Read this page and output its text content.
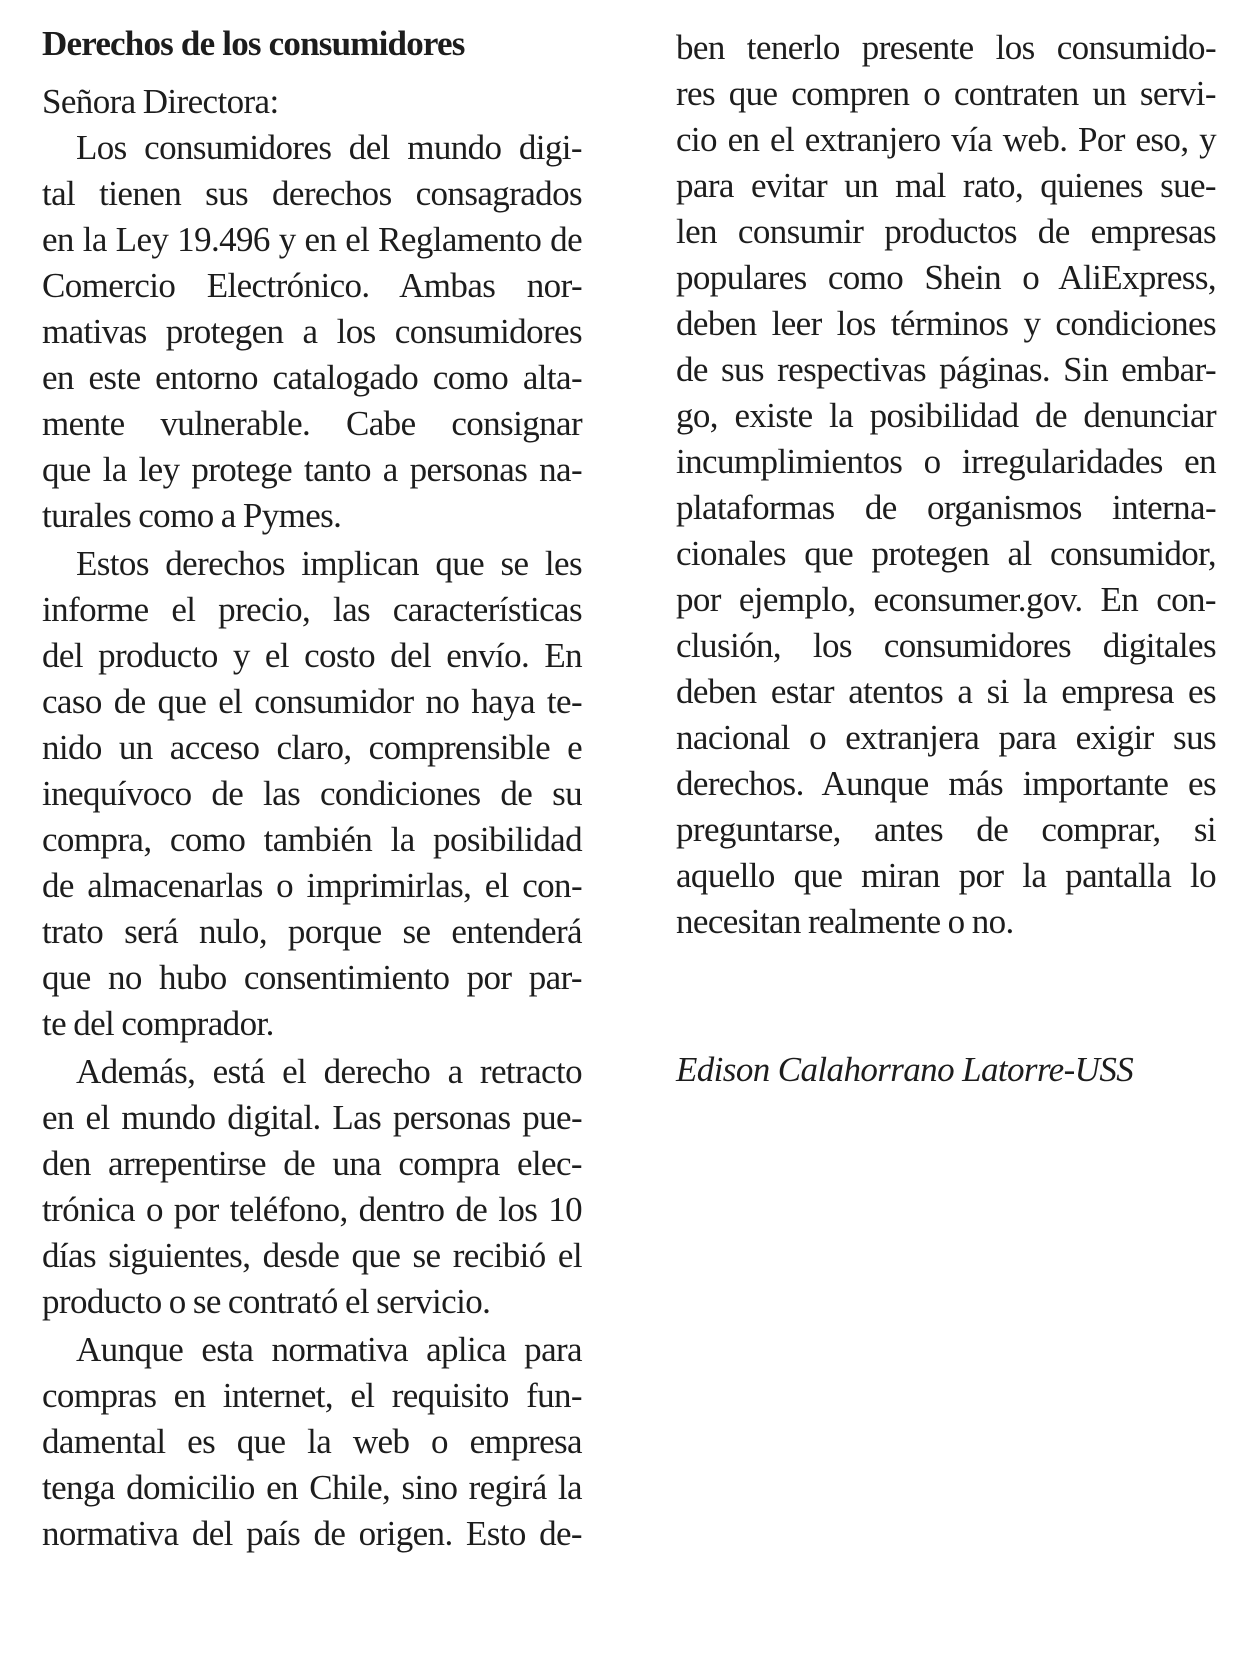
Derechos de los consumidores
Señora Directora:
Los consumidores del mundo digi-
tal tienen sus derechos consagrados
en la Ley 19.496 y en el Reglamento de
Comercio Electrónico. Ambas nor-
mativas protegen a los consumidores
en este entorno catalogado como alta-
mente vulnerable. Cabe consignar
que la ley protege tanto a personas na-
turales como a Pymes.
Estos derechos implican que se les
informe el precio, las características
del producto y el costo del envío. En
caso de que el consumidor no haya te-
nido un acceso claro, comprensible e
inequívoco de las condiciones de su
compra, como también la posibilidad
de almacenarlas o imprimirlas, el con-
trato será nulo, porque se entenderá
que no hubo consentimiento por par-
te del comprador.
Además, está el derecho a retracto
en el mundo digital. Las personas pue-
den arrepentirse de una compra elec-
trónica o por teléfono, dentro de los 10
días siguientes, desde que se recibió el
producto o se contrató el servicio.
Aunque esta normativa aplica para
compras en internet, el requisito fun-
damental es que la web o empresa
tenga domicilio en Chile, sino regirá la
normativa del país de origen. Esto de-
ben tenerlo presente los consumido-
res que compren o contraten un servi-
cio en el extranjero vía web. Por eso, y
para evitar un mal rato, quienes sue-
len consumir productos de empresas
populares como Shein o AliExpress,
deben leer los términos y condiciones
de sus respectivas páginas. Sin embar-
go, existe la posibilidad de denunciar
incumplimientos o irregularidades en
plataformas de organismos interna-
cionales que protegen al consumidor,
por ejemplo, econsumer.gov. En con-
clusión, los consumidores digitales
deben estar atentos a si la empresa es
nacional o extranjera para exigir sus
derechos. Aunque más importante es
preguntarse, antes de comprar, si
aquello que miran por la pantalla lo
necesitan realmente o no.
Edison Calahorrano Latorre-USS
